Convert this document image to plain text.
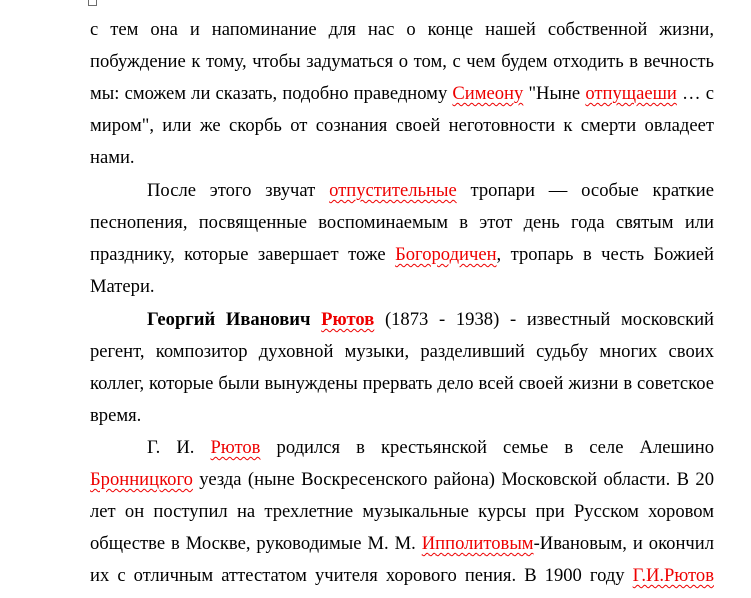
с тем она и напоминание для нас о конце нашей собственной жизни,
побуждение к тому, чтобы задуматься о том, с чем будем отходить в вечность
мы: сможем ли сказать, подобно праведному Симеону "Ныне отпущаеши … с
миром", или же скорбь от сознания своей неготовности к смерти овладеет
нами.
После этого звучат отпустительные тропари — особые краткие
песнопения, посвященные воспоминаемым в этот день года святым или
празднику, которые завершает тоже Богородичен, тропарь в честь Божией
Матери.
Георгий Иванович Рютов (1873 - 1938) - известный московский
регент, композитор духовной музыки, разделивший судьбу многих своих
коллег, которые были вынуждены прервать дело всей своей жизни в советское
время.
Г. И. Рютов родился в крестьянской семье в селе Алешино
Бронницкого уезда (ныне Воскресенского района) Московской области. В 20
лет он поступил на трехлетние музыкальные курсы при Русском хоровом
обществе в Москве, руководимые М. М. Ипполитовым-Ивановым, и окончил
их с отличным аттестатом учителя хорового пения. В 1900 году Г.И.Рютов
